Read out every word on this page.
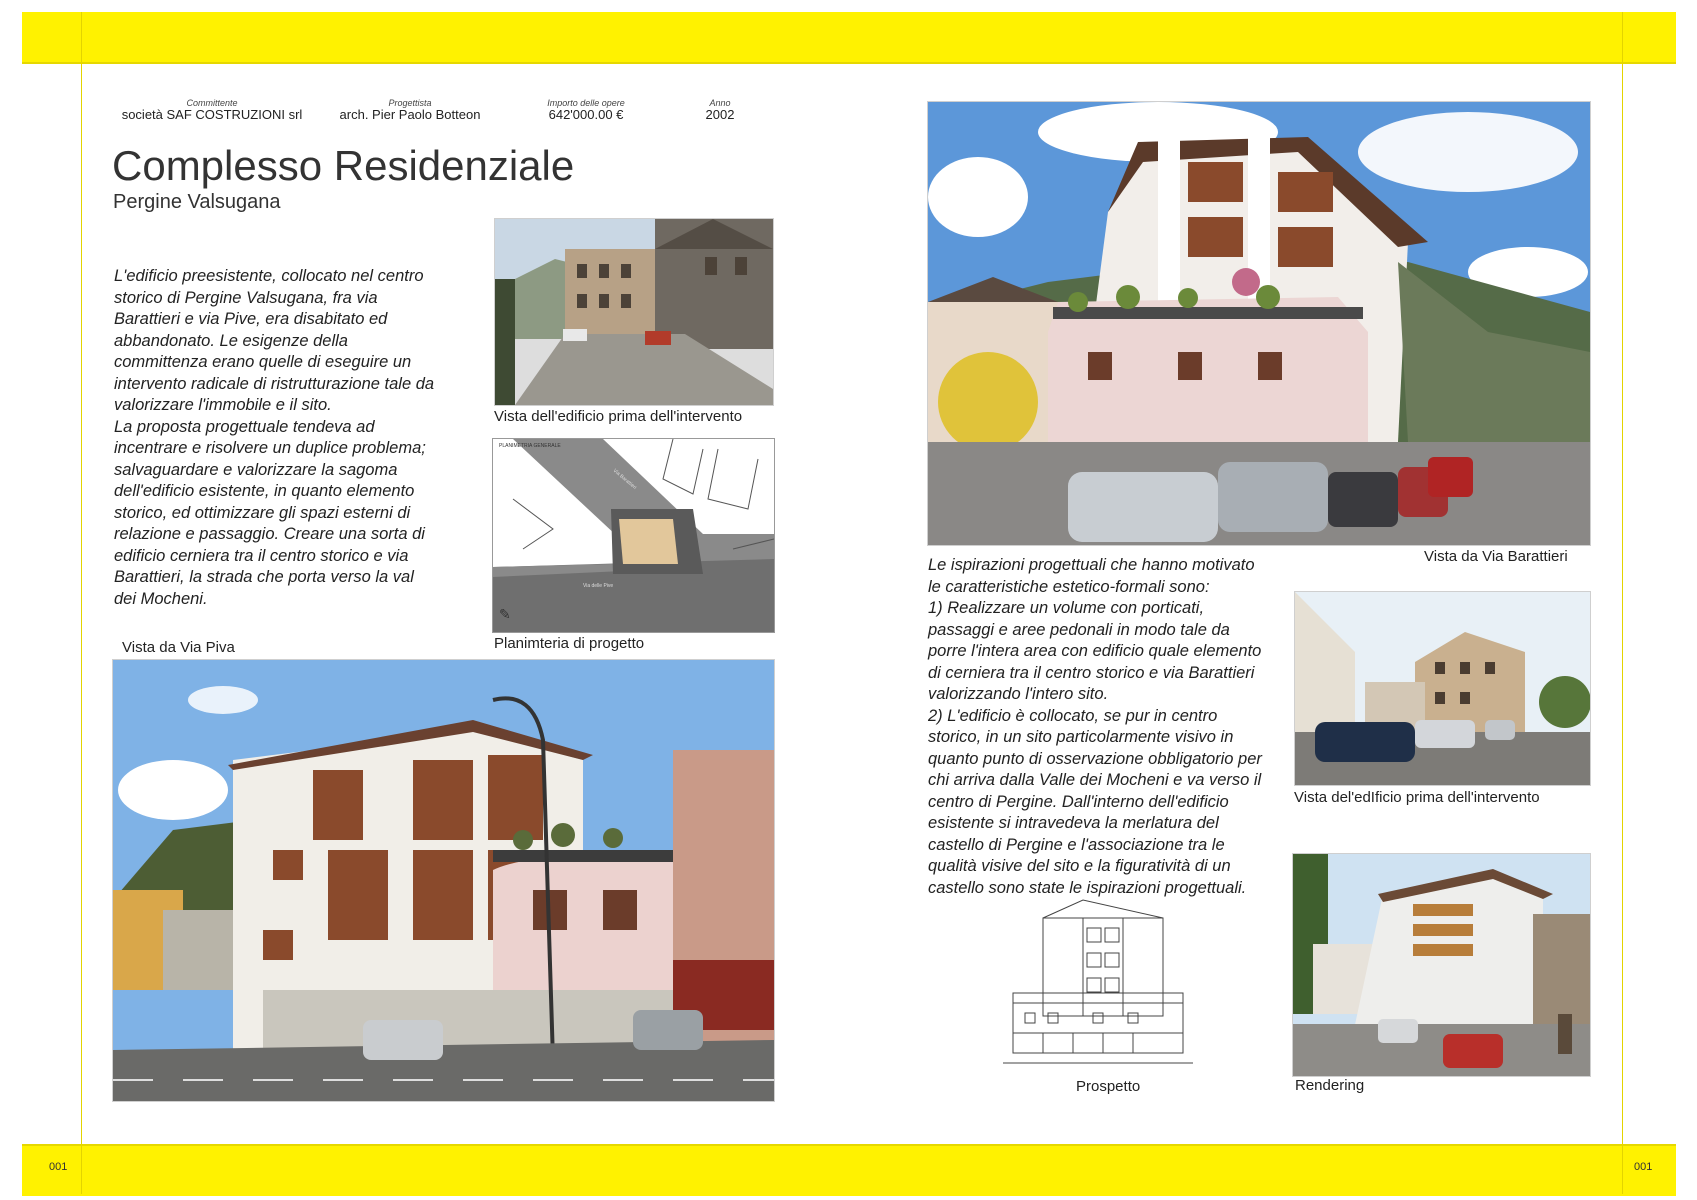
001	001
Committente
società SAF COSTRUZIONI srl
Progettista
arch. Pier Paolo Botteon
Importo delle opere
642'000.00 €
Anno
2002
Complesso Residenziale
Pergine Valsugana

L'edificio preesistente, collocato nel centro
storico di Pergine Valsugana, fra via
Barattieri e via Pive, era disabitato ed
abbandonato. Le esigenze della
committenza erano quelle di eseguire un
intervento radicale di ristrutturazione tale da
valorizzare l'immobile e il sito.
La proposta progettuale tendeva ad
incentrare e risolvere un duplice problema;
salvaguardare e valorizzare la sagoma
dell'edificio esistente, in quanto elemento
storico, ed ottimizzare gli spazi esterni di
relazione e passaggio. Creare una sorta di
edificio cerniera tra il centro storico e via
Barattieri, la strada che porta verso la val
dei Mocheni.

Vista dell'edificio prima dell'intervento
PLANIMETRIA GENERALE
Via Barattieri
Via delle Pive
✎
Planimteria di progetto
Vista da Via Piva
Vista da Via Barattieri

Le ispirazioni progettuali che hanno motivato
le caratteristiche estetico-formali sono:
1) Realizzare un volume con porticati,
passaggi e aree pedonali in modo tale da
porre l'intera area con edificio quale elemento
di cerniera tra il centro storico e via Barattieri
valorizzando l'intero sito.
2) L'edificio è collocato, se pur in centro
storico, in un sito particolarmente visivo in
quanto punto di osservazione obbligatorio per
chi arriva dalla Valle dei Mocheni e va verso il
centro di Pergine. Dall'interno dell'edificio
esistente si intravedeva la merlatura del
castello di Pergine e l'associazione tra le
qualità visive del sito e la figuratività di un
castello sono state le ispirazioni progettuali.

Vista del'edIficio prima dell'intervento
Prospetto	Rendering
